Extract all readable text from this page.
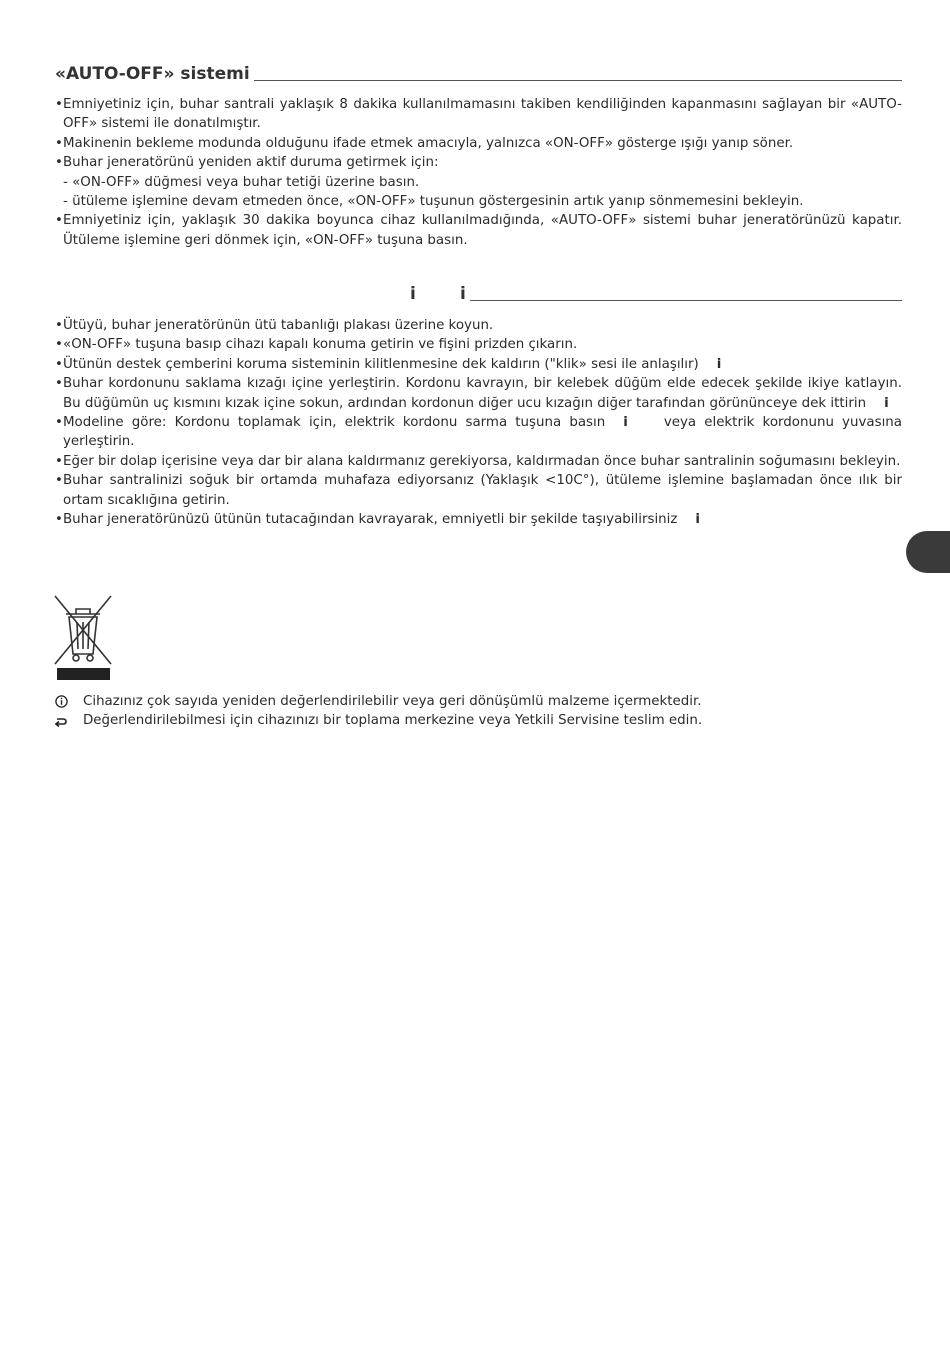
«AUTO-OFF» sistemi
• Emniyetiniz için, buhar santrali yaklaşık 8 dakika kullanılmamasını takiben kendiliğinden kapanmasını sağlayan bir «AUTO-OFF» sistemi ile donatılmıştır.
• Makinenin bekleme modunda olduğunu ifade etmek amacıyla, yalnızca «ON-OFF» gösterge ışığı yanıp söner.
• Buhar jeneratörünü yeniden aktif duruma getirmek için:
- «ON-OFF» düğmesi veya buhar tetiği üzerine basın.
- ütüleme işlemine devam etmeden önce, «ON-OFF» tuşunun göstergesinin artık yanıp sönmemesini bekleyin.
• Emniyetiniz için, yaklaşık 30 dakika boyunca cihaz kullanılmadığında, «AUTO-OFF» sistemi buhar jeneratörünüzü kapatır. Ütüleme işlemine geri dönmek için, «ON-OFF» tuşuna basın.
i	i
• Ütüyü, buhar jeneratörünün ütü tabanlığı plakası üzerine koyun.
• «ON-OFF» tuşuna basıp cihazı kapalı konuma getirin ve fişini prizden çıkarın.
• Ütünün destek çemberini koruma sisteminin kilitlenmesine dek kaldırın ("klik» sesi ile anlaşılır) i
• Buhar kordonunu saklama kızağı içine yerleştirin. Kordonu kavrayın, bir kelebek düğüm elde edecek şekilde ikiye katlayın. Bu düğümün uç kısmını kızak içine sokun, ardından kordonun diğer ucu kızağın diğer tarafından görününceye dek ittirin i
• Modeline göre: Kordonu toplamak için, elektrik kordonu sarma tuşuna basın i	veya elektrik kordonunu yuvasına yerleştirin.
• Eğer bir dolap içerisine veya dar bir alana kaldırmanız gerekiyorsa, kaldırmadan önce buhar santralinin soğumasını bekleyin.
• Buhar santralinizi soğuk bir ortamda muhafaza ediyorsanız (Yaklaşık <10C°), ütüleme işlemine başlamadan önce ılık bir ortam sıcaklığına getirin.
• Buhar jeneratörünüzü ütünün tutacağından kavrayarak, emniyetli bir şekilde taşıyabilirsiniz i
Cihazınız çok sayıda yeniden değerlendirilebilir veya geri dönüşümlü malzeme içermektedir.
Değerlendirilebilmesi için cihazınızı bir toplama merkezine veya Yetkili Servisine teslim edin.
